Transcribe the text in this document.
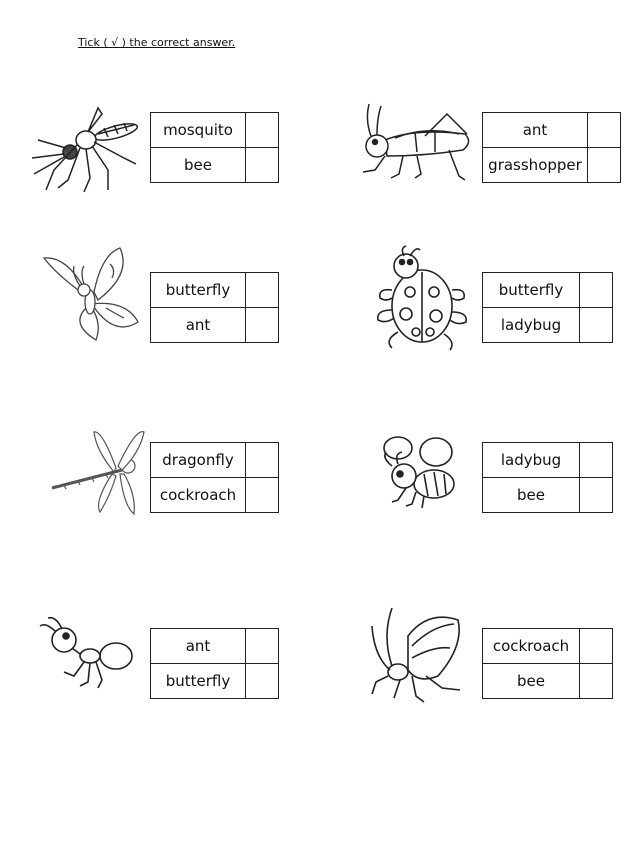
Tick ( √ ) the correct answer.
mosquito	
bee	
ant	
grasshopper	
butterfly	
ant	
butterfly	
ladybug	
dragonfly	
cockroach	
ladybug	
bee	
ant	
butterfly	
cockroach	
bee	
